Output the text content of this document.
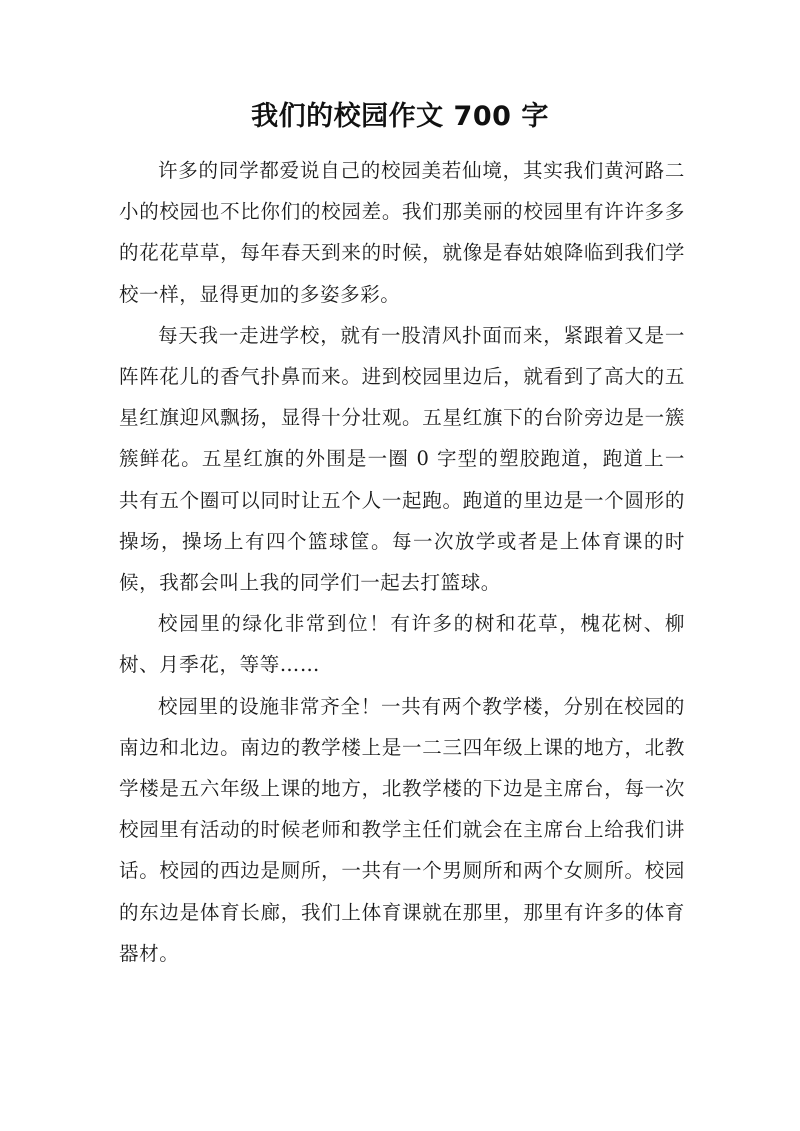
我们的校园作文 700 字

许多的同学都爱说自己的校园美若仙境，其实我们黄河路二小的校园也不比你们的校园差。我们那美丽的校园里有许许多多的花花草草，每年春天到来的时候，就像是春姑娘降临到我们学校一样，显得更加的多姿多彩。

每天我一走进学校，就有一股清风扑面而来，紧跟着又是一阵阵花儿的香气扑鼻而来。进到校园里边后，就看到了高大的五星红旗迎风飘扬，显得十分壮观。五星红旗下的台阶旁边是一簇簇鲜花。五星红旗的外围是一圈 0 字型的塑胶跑道，跑道上一共有五个圈可以同时让五个人一起跑。跑道的里边是一个圆形的操场，操场上有四个篮球筐。每一次放学或者是上体育课的时候，我都会叫上我的同学们一起去打篮球。

校园里的绿化非常到位！有许多的树和花草，槐花树、柳树、月季花，等等……

校园里的设施非常齐全！一共有两个教学楼，分别在校园的南边和北边。南边的教学楼上是一二三四年级上课的地方，北教学楼是五六年级上课的地方，北教学楼的下边是主席台，每一次校园里有活动的时候老师和教学主任们就会在主席台上给我们讲话。校园的西边是厕所，一共有一个男厕所和两个女厕所。校园的东边是体育长廊，我们上体育课就在那里，那里有许多的体育器材。
